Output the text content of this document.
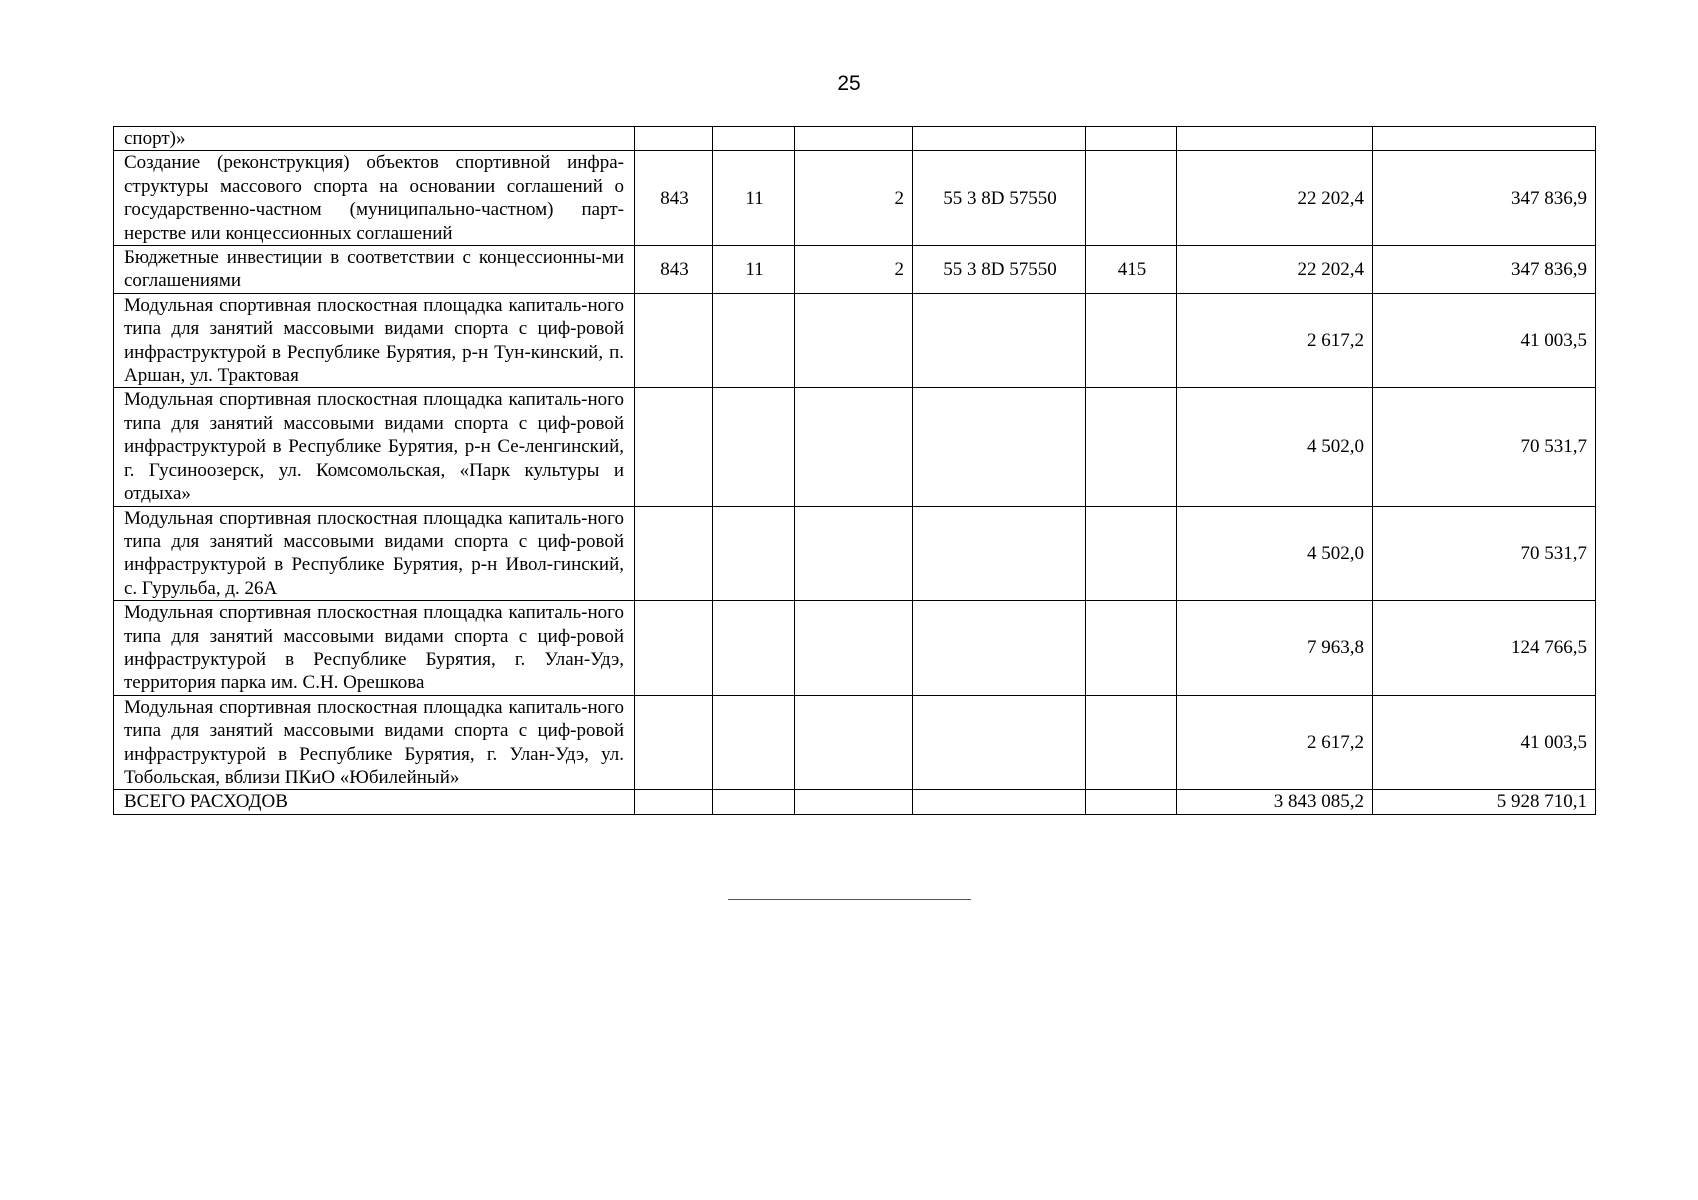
25
спорт)»							
Создание (реконструкция) объектов спортивной инфра-структуры массового спорта на основании соглашений о государственно-частном (муниципально-частном) парт-нерстве или концессионных соглашений	843	11	2	55 3 8D 57550		22 202,4	347 836,9
Бюджетные инвестиции в соответствии с концессионны-ми соглашениями	843	11	2	55 3 8D 57550	415	22 202,4	347 836,9
Модульная спортивная плоскостная площадка капиталь-ного типа для занятий массовыми видами спорта с циф-ровой инфраструктурой в Республике Бурятия, р-н Тун-кинский, п. Аршан, ул. Трактовая						2 617,2	41 003,5
Модульная спортивная плоскостная площадка капиталь-ного типа для занятий массовыми видами спорта с циф-ровой инфраструктурой в Республике Бурятия, р-н Се-ленгинский, г. Гусиноозерск, ул. Комсомольская, «Парк культуры и отдыха»						4 502,0	70 531,7
Модульная спортивная плоскостная площадка капиталь-ного типа для занятий массовыми видами спорта с циф-ровой инфраструктурой в Республике Бурятия, р-н Ивол-гинский, с. Гурульба, д. 26А						4 502,0	70 531,7
Модульная спортивная плоскостная площадка капиталь-ного типа для занятий массовыми видами спорта с циф-ровой инфраструктурой в Республике Бурятия, г. Улан-Удэ, территория парка им. С.Н. Орешкова						7 963,8	124 766,5
Модульная спортивная плоскостная площадка капиталь-ного типа для занятий массовыми видами спорта с циф-ровой инфраструктурой в Республике Бурятия, г. Улан-Удэ, ул. Тобольская, вблизи ПКиО «Юбилейный»						2 617,2	41 003,5
ВСЕГО РАСХОДОВ						3 843 085,2	5 928 710,1
